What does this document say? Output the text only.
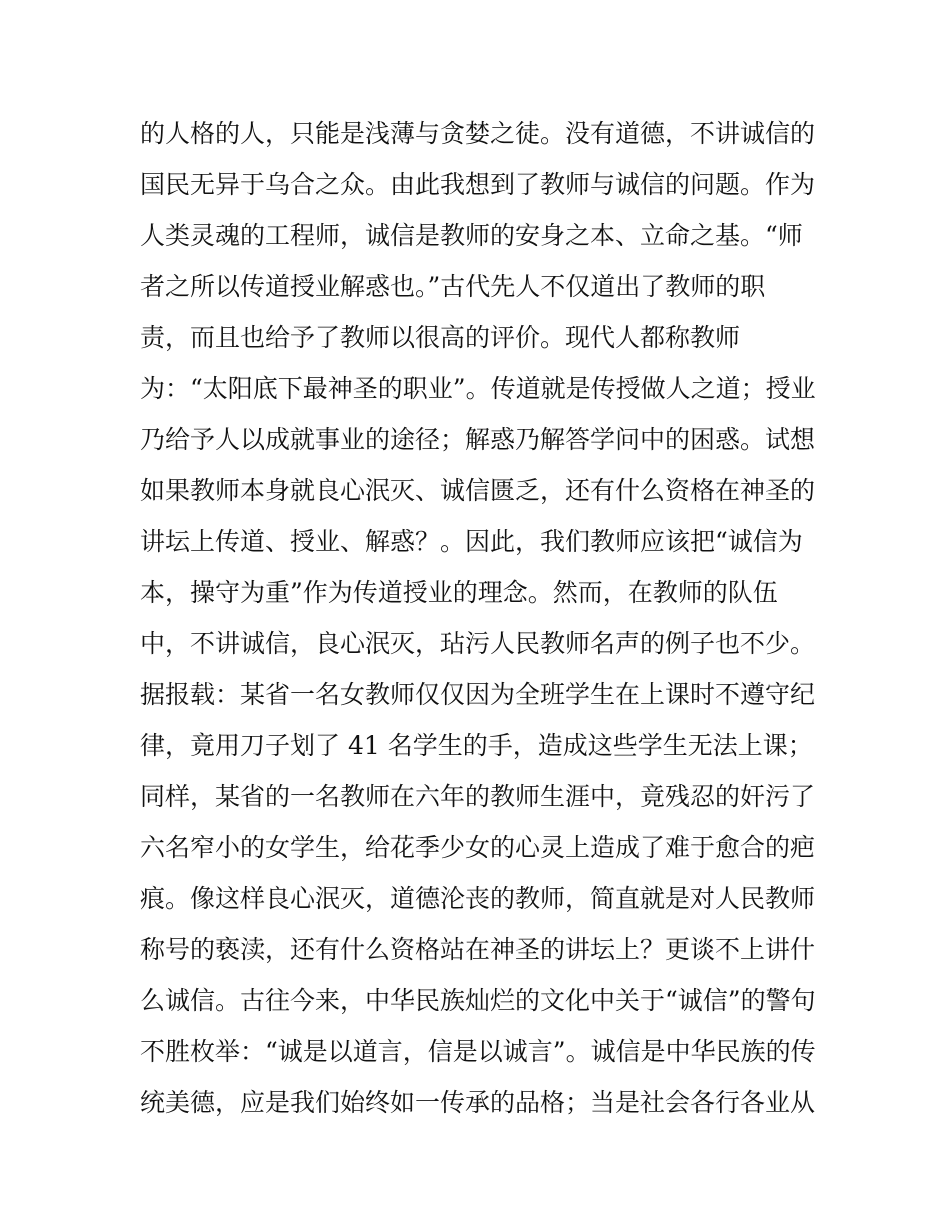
的人格的人，只能是浅薄与贪婪之徒。没有道德，不讲诚信的
国民无异于乌合之众。由此我想到了教师与诚信的问题。作为
人类灵魂的工程师，诚信是教师的安身之本、立命之基。“师
者之所以传道授业解惑也。”古代先人不仅道出了教师的职
责，而且也给予了教师以很高的评价。现代人都称教师
为：“太阳底下最神圣的职业”。传道就是传授做人之道；授业
乃给予人以成就事业的途径；解惑乃解答学问中的困惑。试想
如果教师本身就良心泯灭、诚信匮乏，还有什么资格在神圣的
讲坛上传道、授业、解惑？。因此，我们教师应该把“诚信为
本，操守为重”作为传道授业的理念。然而，在教师的队伍
中，不讲诚信，良心泯灭，玷污人民教师名声的例子也不少。
据报载：某省一名女教师仅仅因为全班学生在上课时不遵守纪
律，竟用刀子划了 41 名学生的手，造成这些学生无法上课；
同样，某省的一名教师在六年的教师生涯中，竟残忍的奸污了
六名窄小的女学生，给花季少女的心灵上造成了难于愈合的疤
痕。像这样良心泯灭，道德沦丧的教师，简直就是对人民教师
称号的亵渎，还有什么资格站在神圣的讲坛上？更谈不上讲什
么诚信。古往今来，中华民族灿烂的文化中关于“诚信”的警句
不胜枚举：“诚是以道言，信是以诚言”。诚信是中华民族的传
统美德，应是我们始终如一传承的品格；当是社会各行各业从
